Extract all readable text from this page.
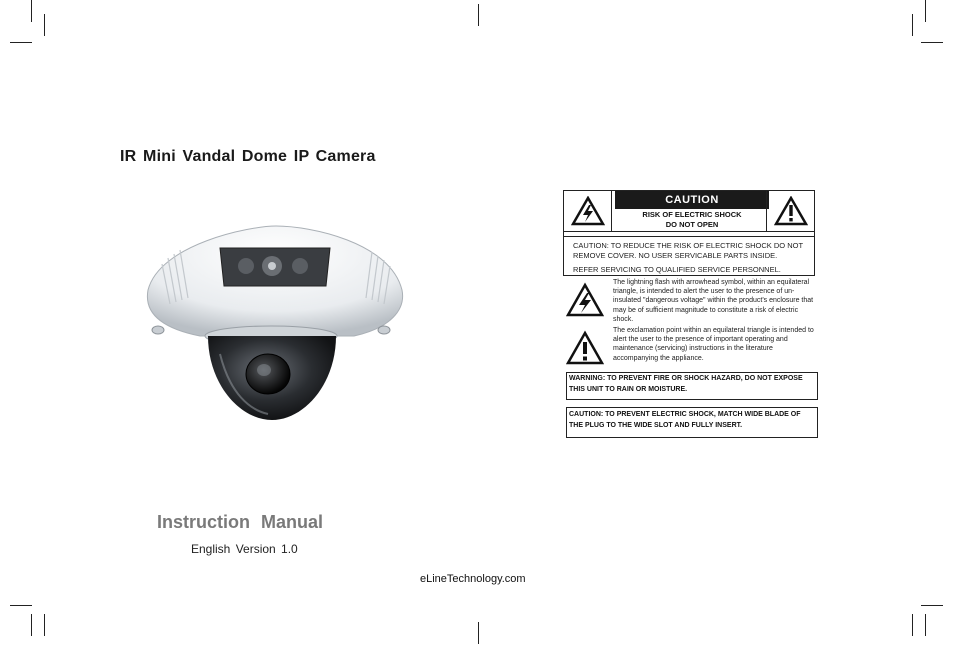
IR Mini Vandal Dome IP Camera
Instruction Manual
English Version 1.0
eLineTechnology.com
CAUTION
RISK OF ELECTRIC SHOCK
DO NOT OPEN
CAUTION: TO REDUCE THE RISK OF ELECTRIC SHOCK DO NOT REMOVE COVER. NO USER SERVICABLE PARTS INSIDE.
REFER SERVICING TO QUALIFIED SERVICE PERSONNEL.
The lightning flash with arrowhead symbol, within an equilateral triangle, is intended to alert the user to the presence of un-insulated "dangerous voltage" within the product's enclosure that may be of sufficient magnitude to constitute a risk of electric shock.
The exclamation point within an equilateral triangle is intended to alert the user to the presence of important operating and maintenance (servicing) instructions in the literature accompanying the appliance.
WARNING: TO PREVENT FIRE OR SHOCK HAZARD, DO NOT EXPOSE THIS UNIT TO RAIN OR MOISTURE.
CAUTION: TO PREVENT ELECTRIC SHOCK, MATCH WIDE BLADE OF THE PLUG TO THE WIDE SLOT AND FULLY INSERT.
